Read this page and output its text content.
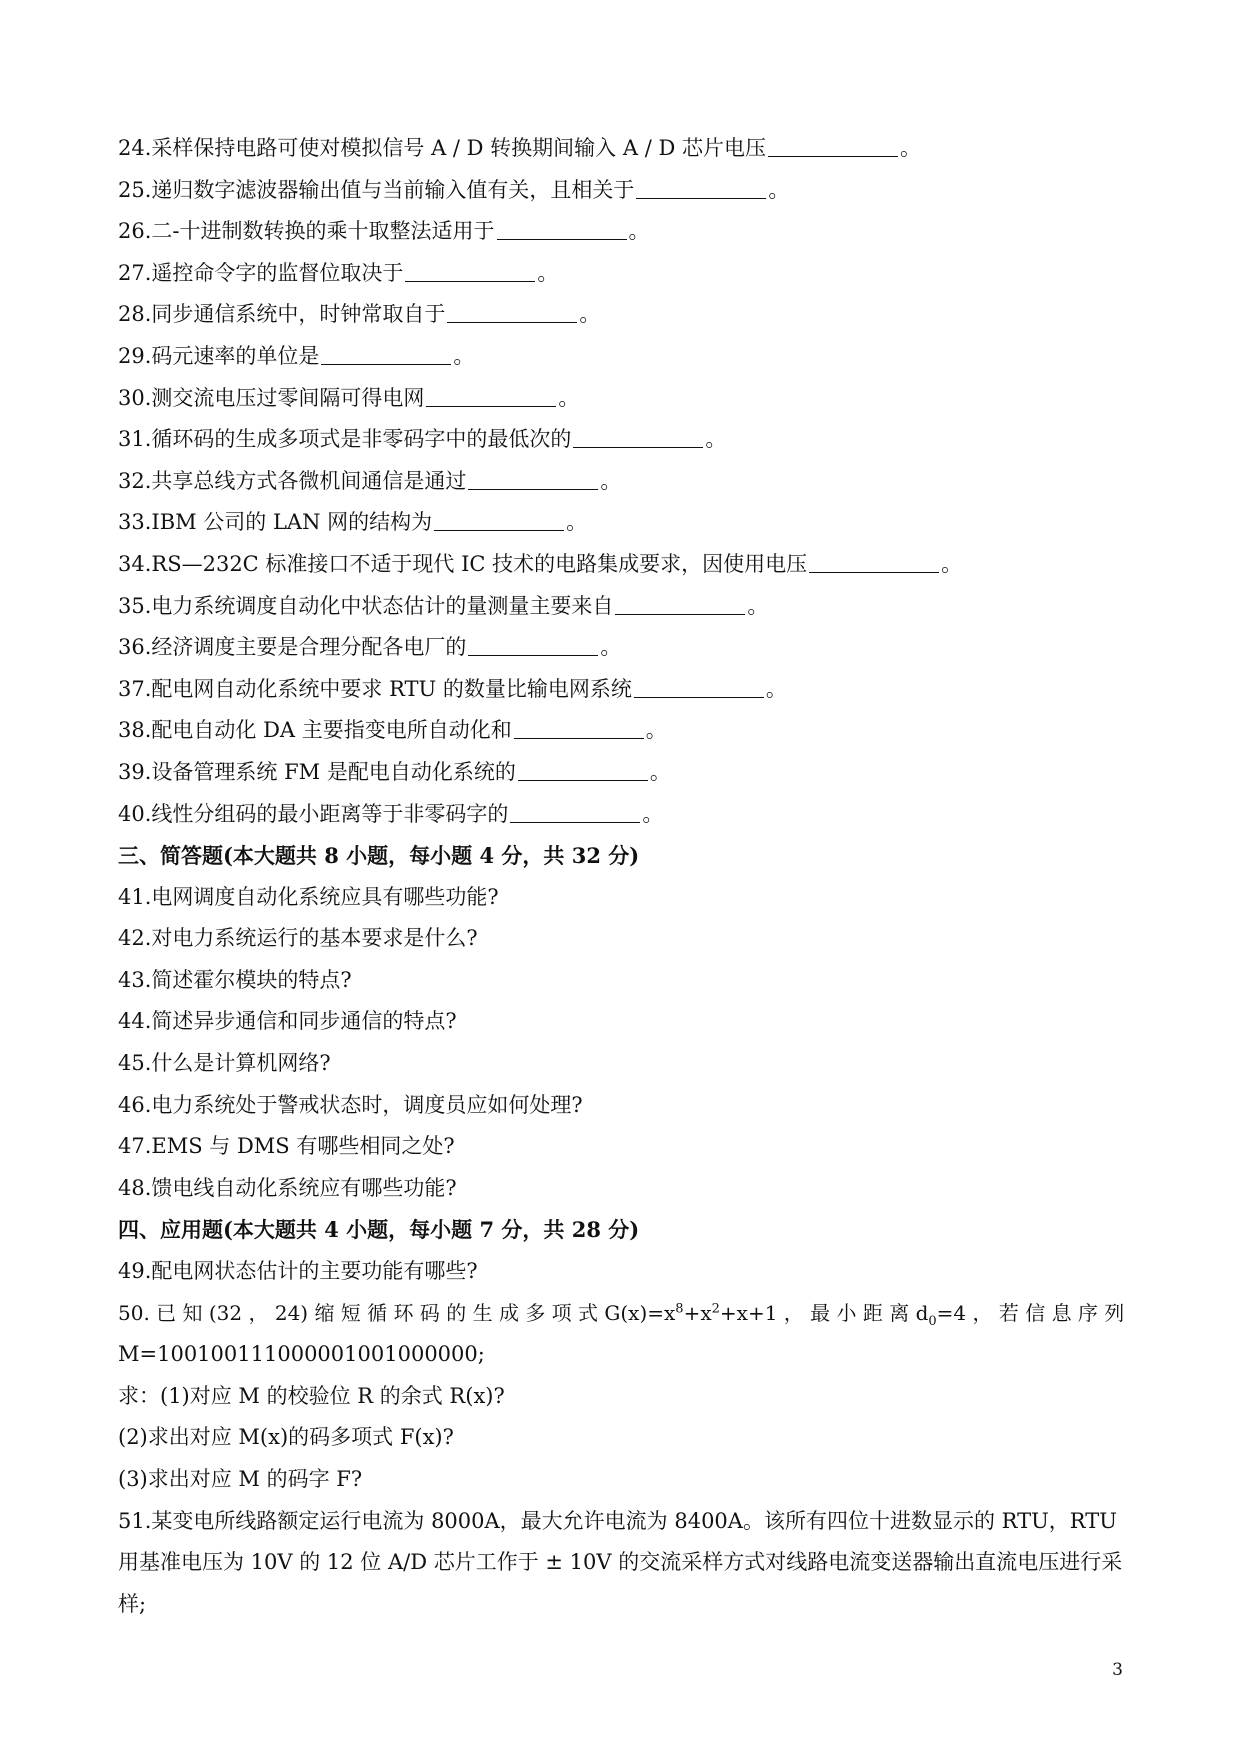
24.采样保持电路可使对模拟信号 A / D 转换期间输入 A / D 芯片电压	。
25.递归数字滤波器输出值与当前输入值有关，且相关于	。
26.二-十进制数转换的乘十取整法适用于	。
27.遥控命令字的监督位取决于	。
28.同步通信系统中，时钟常取自于	。
29.码元速率的单位是	。
30.测交流电压过零间隔可得电网	。
31.循环码的生成多项式是非零码字中的最低次的	。
32.共享总线方式各微机间通信是通过	。
33.IBM 公司的 LAN 网的结构为	。
34.RS—232C 标准接口不适于现代 IC 技术的电路集成要求，因使用电压	。
35.电力系统调度自动化中状态估计的量测量主要来自	。
36.经济调度主要是合理分配各电厂的	。
37.配电网自动化系统中要求 RTU 的数量比输电网系统	。
38.配电自动化 DA 主要指变电所自动化和	。
39.设备管理系统 FM 是配电自动化系统的	。
40.线性分组码的最小距离等于非零码字的	。
三、简答题(本大题共 8 小题，每小题 4 分，共 32 分)
41.电网调度自动化系统应具有哪些功能?
42.对电力系统运行的基本要求是什么?
43.简述霍尔模块的特点?
44.简述异步通信和同步通信的特点?
45.什么是计算机网络?
46.电力系统处于警戒状态时，调度员应如何处理?
47.EMS 与 DMS 有哪些相同之处?
48.馈电线自动化系统应有哪些功能?
四、应用题(本大题共 4 小题，每小题 7 分，共 28 分)
49.配电网状态估计的主要功能有哪些?
50. 已 知 (32 ， 24) 缩 短 循 环 码 的 生 成 多 项 式 $G(x)=x^8+x^2+x+1$ ， 最 小 距 离 $d_0=4$ ， 若 信 息 序 列
M=100100111000001001000000;
求：(1)对应 M 的校验位 R 的余式 R(x)?
(2)求出对应 M(x)的码多项式 F(x)?
(3)求出对应 M 的码字 F?
51.某变电所线路额定运行电流为 8000A，最大允许电流为 8400A。该所有四位十进数显示的 RTU，RTU
用基准电压为 10V 的 12 位 A/D 芯片工作于 ± 10V 的交流采样方式对线路电流变送器输出直流电压进行采
样;
3
